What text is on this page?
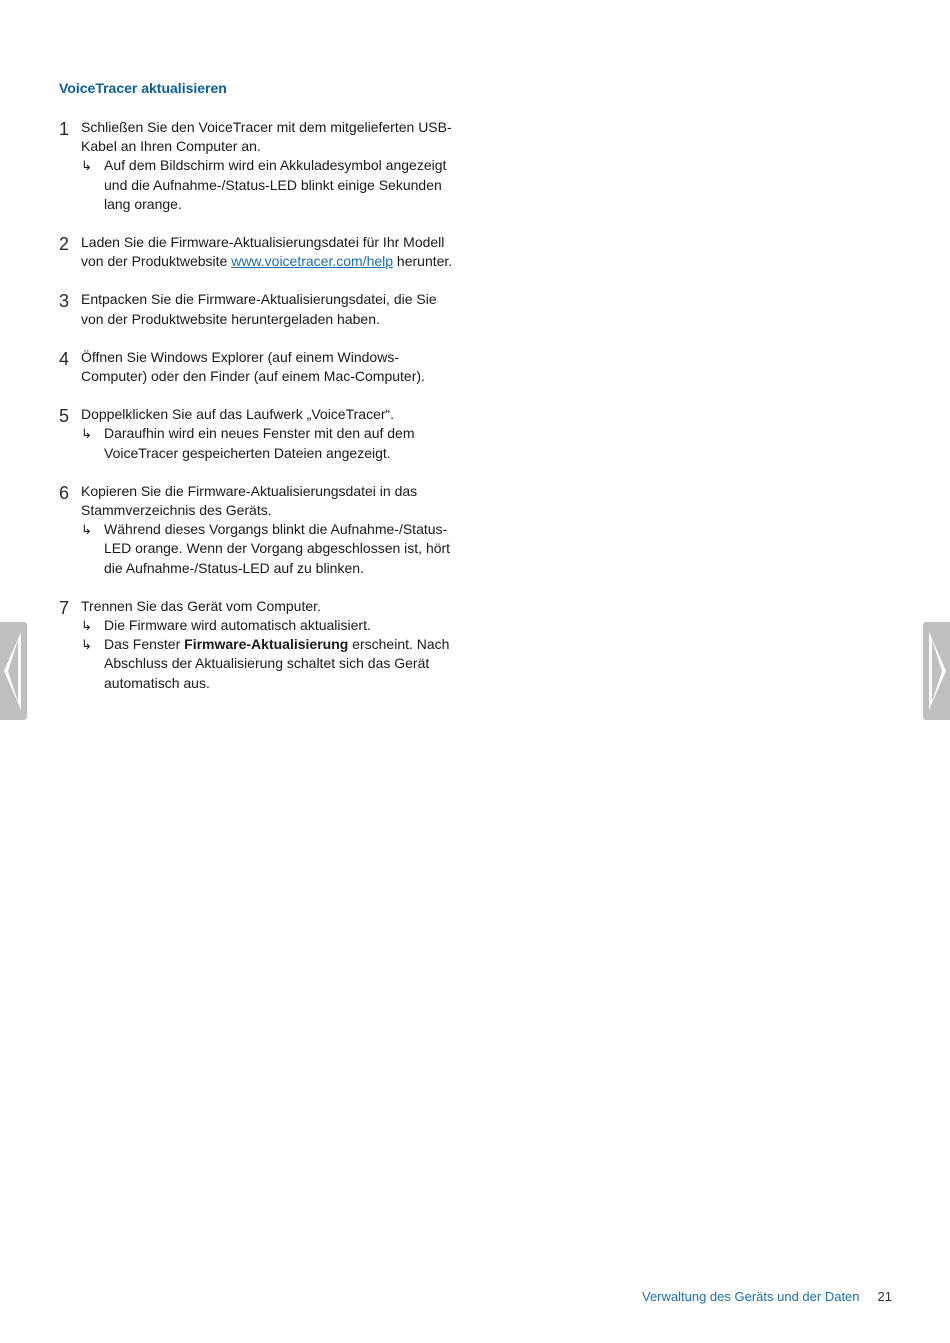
VoiceTracer aktualisieren
1 Schließen Sie den VoiceTracer mit dem mitgelieferten USB-Kabel an Ihren Computer an.
↳ Auf dem Bildschirm wird ein Akkuladesymbol angezeigt und die Aufnahme-/Status-LED blinkt einige Sekunden lang orange.
2 Laden Sie die Firmware-Aktualisierungsdatei für Ihr Modell von der Produktwebsite www.voicetracer.com/help herunter.
3 Entpacken Sie die Firmware-Aktualisierungsdatei, die Sie von der Produktwebsite heruntergeladen haben.
4 Öffnen Sie Windows Explorer (auf einem Windows-Computer) oder den Finder (auf einem Mac-Computer).
5 Doppelklicken Sie auf das Laufwerk „VoiceTracer“.
↳ Daraufhin wird ein neues Fenster mit den auf dem VoiceTracer gespeicherten Dateien angezeigt.
6 Kopieren Sie die Firmware-Aktualisierungsdatei in das Stammverzeichnis des Geräts.
↳ Während dieses Vorgangs blinkt die Aufnahme-/Status-LED orange. Wenn der Vorgang abgeschlossen ist, hört die Aufnahme-/Status-LED auf zu blinken.
7 Trennen Sie das Gerät vom Computer.
↳ Die Firmware wird automatisch aktualisiert.
↳ Das Fenster Firmware-Aktualisierung erscheint. Nach Abschluss der Aktualisierung schaltet sich das Gerät automatisch aus.
Verwaltung des Geräts und der Daten 21
